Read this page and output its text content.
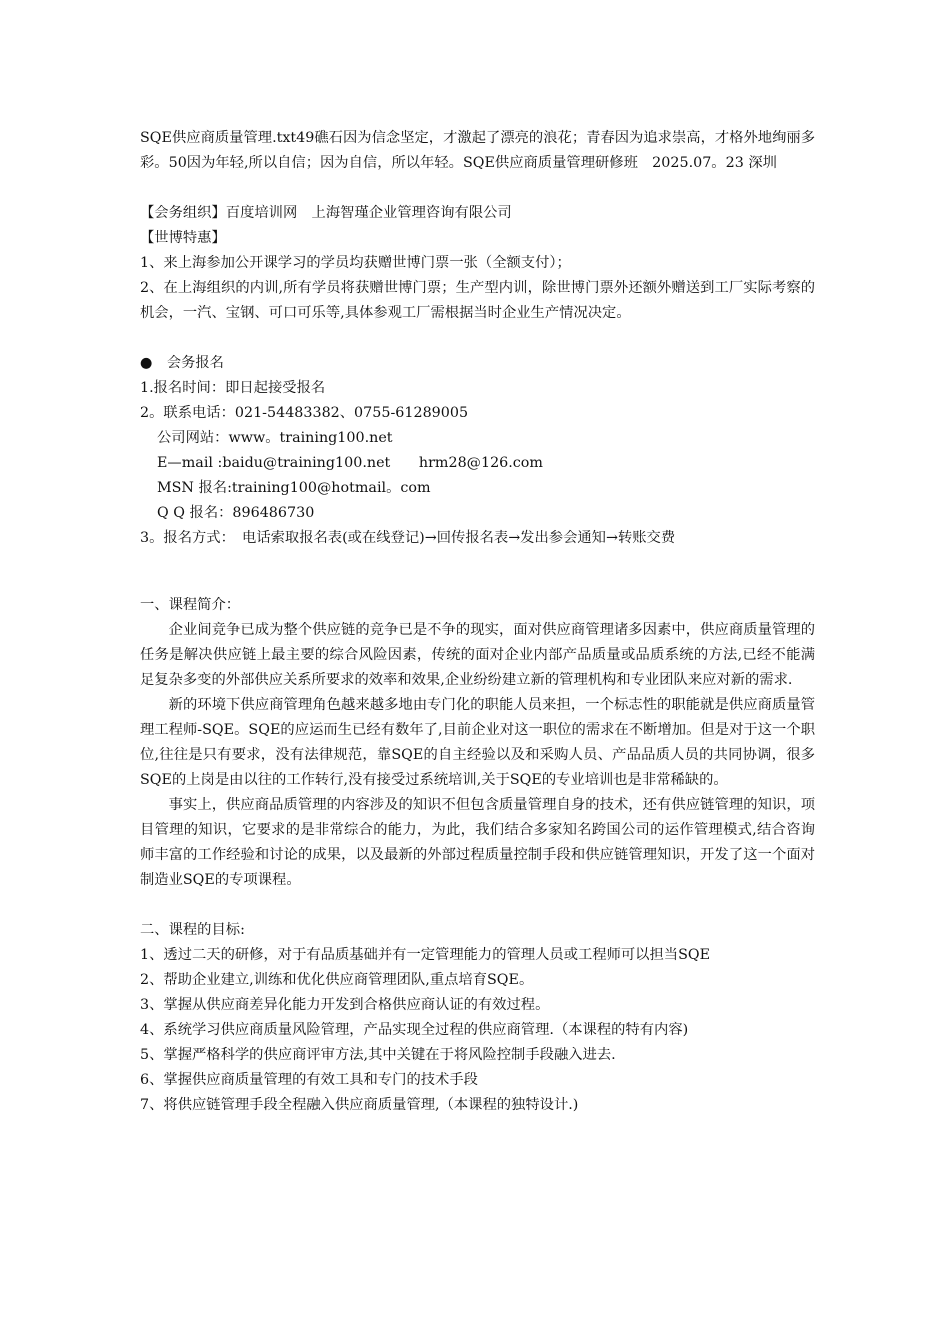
SQE供应商质量管理.txt49礁石因为信念坚定，才激起了漂亮的浪花；青春因为追求崇高，才格外地绚丽多彩。50因为年轻,所以自信；因为自信，所以年轻。SQE供应商质量管理研修班　2025.07。23 深圳

【会务组织】百度培训网　上海智瑾企业管理咨询有限公司

【世博特惠】

1、来上海参加公开课学习的学员均获赠世博门票一张（全额支付）；

2、在上海组织的内训,所有学员将获赠世博门票；生产型内训，除世博门票外还额外赠送到工厂实际考察的机会，一汽、宝钢、可口可乐等,具体参观工厂需根据当时企业生产情况决定。

●　会务报名

1.报名时间：即日起接受报名

2。联系电话：021-54483382、0755-61289005

公司网站：www。training100.net

E—mail :baidu@training100.net　　hrm28@126.com

MSN 报名:training100@hotmail。com

Q Q 报名：896486730

3。报名方式：　电话索取报名表(或在线登记)→回传报名表→发出参会通知→转账交费

一、课程简介：

企业间竞争已成为整个供应链的竞争已是不争的现实，面对供应商管理诸多因素中，供应商质量管理的任务是解决供应链上最主要的综合风险因素，传统的面对企业内部产品质量或品质系统的方法,已经不能满足复杂多变的外部供应关系所要求的效率和效果,企业纷纷建立新的管理机构和专业团队来应对新的需求.

新的环境下供应商管理角色越来越多地由专门化的职能人员来担，一个标志性的职能就是供应商质量管理工程师-SQE。SQE的应运而生已经有数年了,目前企业对这一职位的需求在不断增加。但是对于这一个职位,往往是只有要求，没有法律规范，靠SQE的自主经验以及和采购人员、产品品质人员的共同协调，很多SQE的上岗是由以往的工作转行,没有接受过系统培训,关于SQE的专业培训也是非常稀缺的。

事实上，供应商品质管理的内容涉及的知识不但包含质量管理自身的技术，还有供应链管理的知识，项目管理的知识，它要求的是非常综合的能力，为此，我们结合多家知名跨国公司的运作管理模式,结合咨询师丰富的工作经验和讨论的成果，以及最新的外部过程质量控制手段和供应链管理知识，开发了这一个面对制造业SQE的专项课程。

二、课程的目标:

1、透过二天的研修，对于有品质基础并有一定管理能力的管理人员或工程师可以担当SQE

2、帮助企业建立,训练和优化供应商管理团队,重点培育SQE。

3、掌握从供应商差异化能力开发到合格供应商认证的有效过程。

4、系统学习供应商质量风险管理，产品实现全过程的供应商管理.（本课程的特有内容)

5、掌握严格科学的供应商评审方法,其中关键在于将风险控制手段融入进去.

6、掌握供应商质量管理的有效工具和专门的技术手段

7、将供应链管理手段全程融入供应商质量管理,（本课程的独特设计.)
